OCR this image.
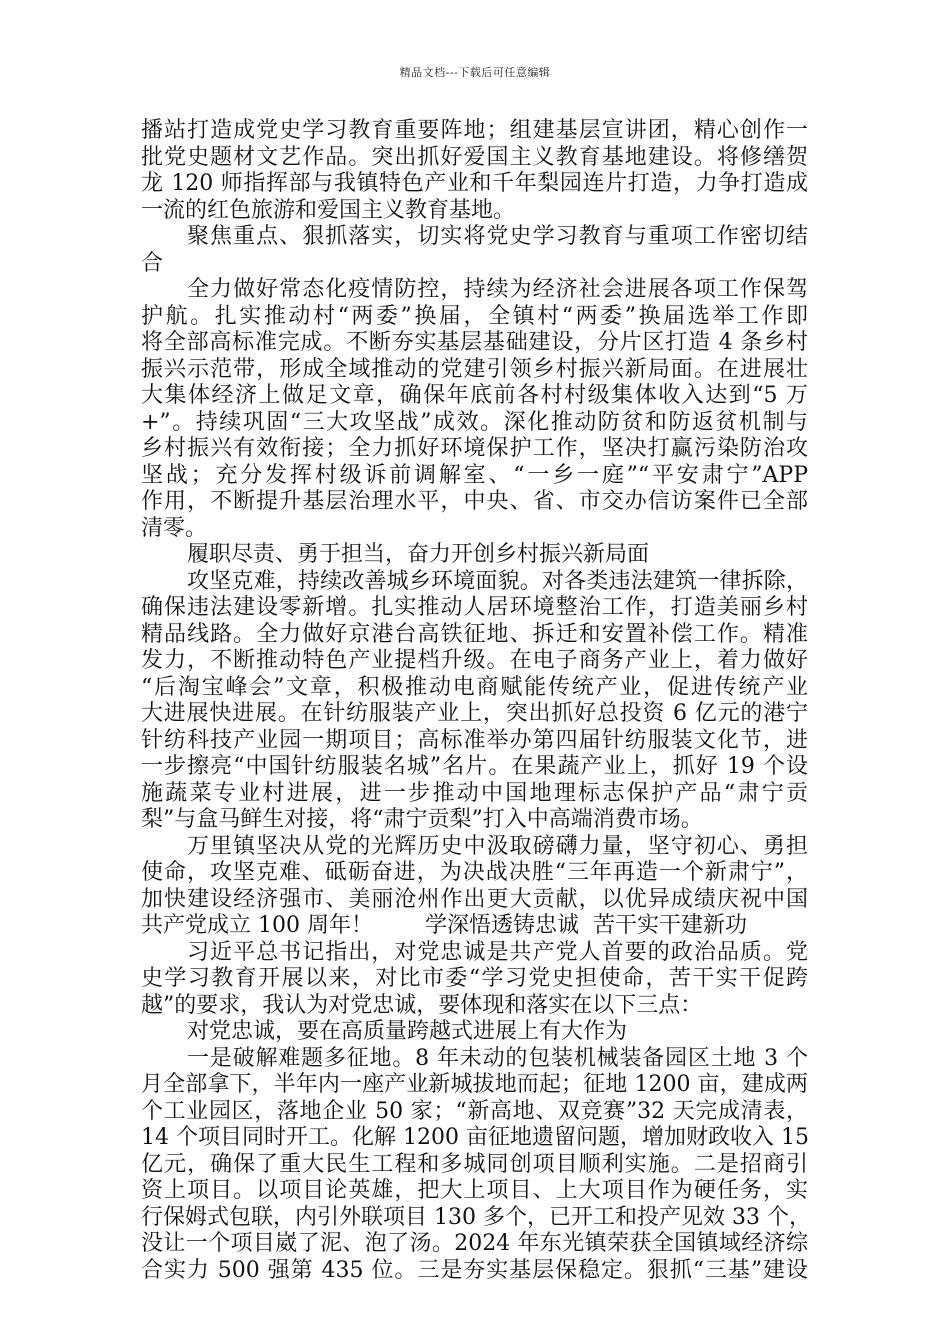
精品文档---下载后可任意编辑
播站打造成党史学习教育重要阵地；组建基层宣讲团，精心创作一
批党史题材文艺作品。突出抓好爱国主义教育基地建设。将修缮贺
龙 120 师指挥部与我镇特色产业和千年梨园连片打造，力争打造成
一流的红色旅游和爱国主义教育基地。
聚焦重点、狠抓落实，切实将党史学习教育与重项工作密切结
合
全力做好常态化疫情防控，持续为经济社会进展各项工作保驾
护航。扎实推动村“两委”换届，全镇村“两委”换届选举工作即
将全部高标准完成。不断夯实基层基础建设，分片区打造 4 条乡村
振兴示范带，形成全域推动的党建引领乡村振兴新局面。在进展壮
大集体经济上做足文章，确保年底前各村村级集体收入达到“5 万
+”。持续巩固“三大攻坚战”成效。深化推动防贫和防返贫机制与
乡村振兴有效衔接；全力抓好环境保护工作，坚决打赢污染防治攻
坚战；充分发挥村级诉前调解室、“一乡一庭”“平安肃宁”APP
作用，不断提升基层治理水平，中央、省、市交办信访案件已全部
清零。
履职尽责、勇于担当，奋力开创乡村振兴新局面
攻坚克难，持续改善城乡环境面貌。对各类违法建筑一律拆除，
确保违法建设零新增。扎实推动人居环境整治工作，打造美丽乡村
精品线路。全力做好京港台高铁征地、拆迁和安置补偿工作。精准
发力，不断推动特色产业提档升级。在电子商务产业上，着力做好
“后淘宝峰会”文章，积极推动电商赋能传统产业，促进传统产业
大进展快进展。在针纺服装产业上，突出抓好总投资 6 亿元的港宁
针纺科技产业园一期项目；高标准举办第四届针纺服装文化节，进
一步擦亮“中国针纺服装名城”名片。在果蔬产业上，抓好 19 个设
施蔬菜专业村进展，进一步推动中国地理标志保护产品“肃宁贡
梨”与盒马鲜生对接，将“肃宁贡梨”打入中高端消费市场。
万里镇坚决从党的光辉历史中汲取磅礴力量，坚守初心、勇担
使命，攻坚克难、砥砺奋进，为决战决胜“三年再造一个新肃宁”，
加快建设经济强市、美丽沧州作出更大贡献，以优异成绩庆祝中国
共产党成立 100 周年！ 学深悟透铸忠诚  苦干实干建新功
习近平总书记指出，对党忠诚是共产党人首要的政治品质。党
史学习教育开展以来，对比市委“学习党史担使命，苦干实干促跨
越”的要求，我认为对党忠诚，要体现和落实在以下三点：
对党忠诚，要在高质量跨越式进展上有大作为
一是破解难题多征地。8 年未动的包装机械装备园区土地 3 个
月全部拿下，半年内一座产业新城拔地而起；征地 1200 亩，建成两
个工业园区，落地企业 50 家；“新高地、双竞赛”32 天完成清表，
14 个项目同时开工。化解 1200 亩征地遗留问题，增加财政收入 15
亿元，确保了重大民生工程和多城同创项目顺利实施。二是招商引
资上项目。以项目论英雄，把大上项目、上大项目作为硬任务，实
行保姆式包联，内引外联项目 130 多个，已开工和投产见效 33 个，
没让一个项目崴了泥、泡了汤。2024 年东光镇荣获全国镇域经济综
合实力 500 强第 435 位。三是夯实基层保稳定。狠抓“三基”建设
